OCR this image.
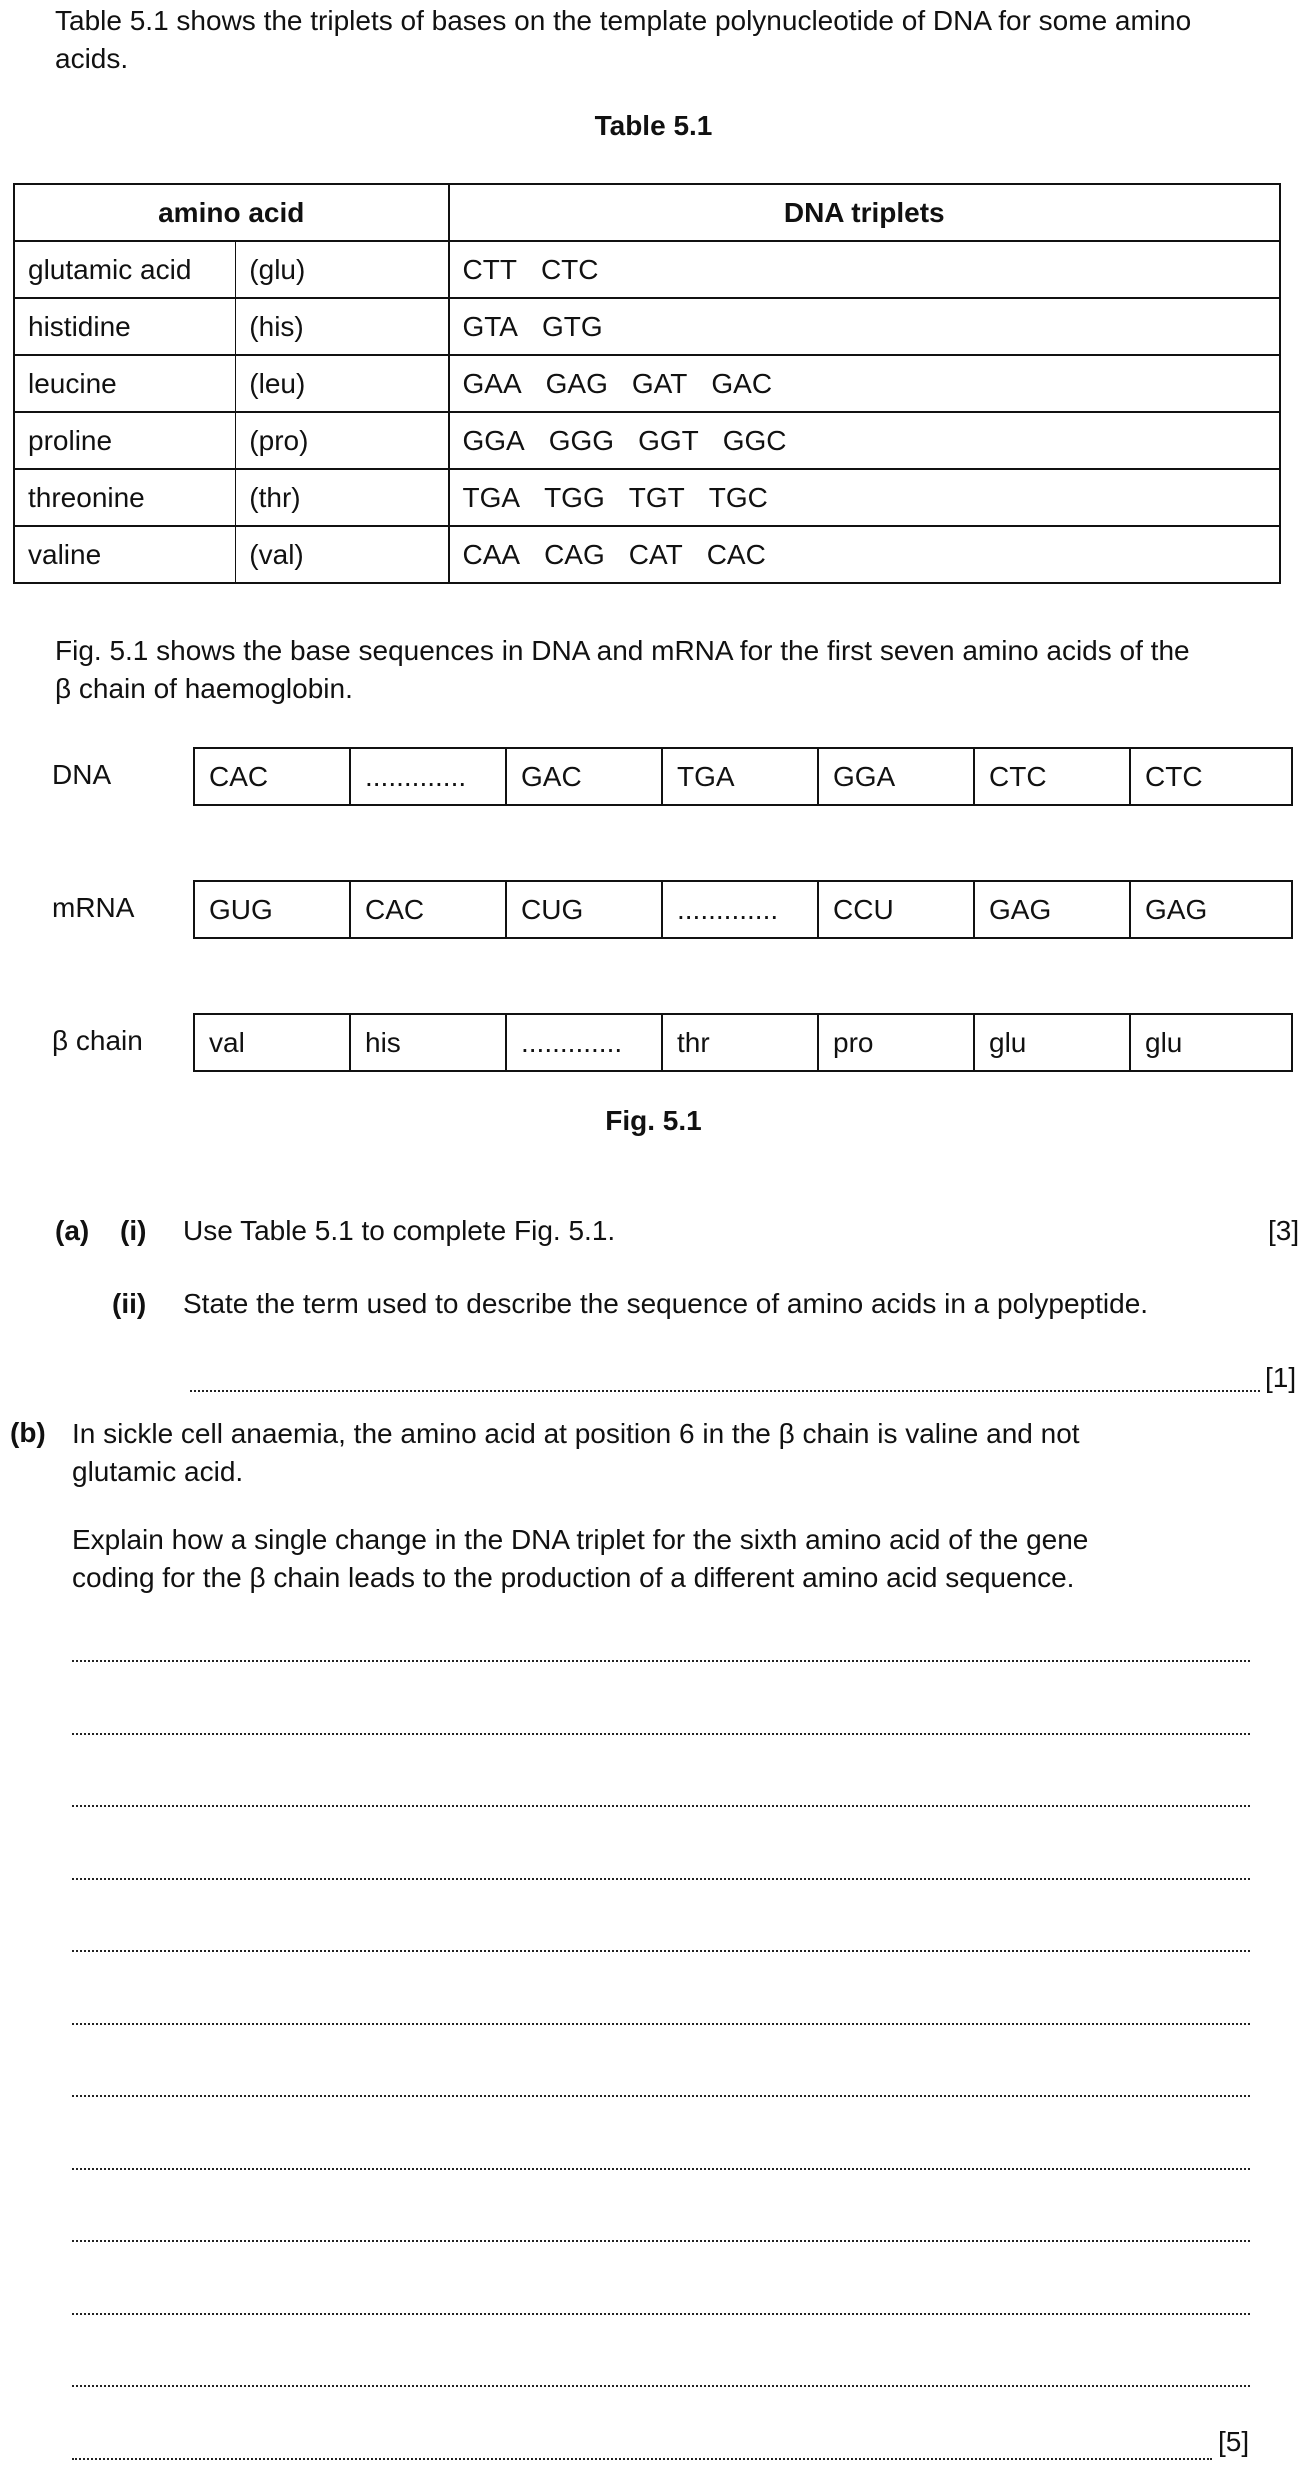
Table 5.1 shows the triplets of bases on the template polynucleotide of DNA for some amino
acids.
Table 5.1
amino acid		DNA triplets
glutamic acid	(glu)	CTT CTC
histidine	(his)	GTA GTG
leucine	(leu)	GAA GAG GAT GAC
proline	(pro)	GGA GGG GGT GGC
threonine	(thr)	TGA TGG TGT TGC
valine	(val)	CAA CAG CAT CAC
Fig. 5.1 shows the base sequences in DNA and mRNA for the first seven amino acids of the
β chain of haemoglobin.
DNA	CAC	.............	GAC	TGA	GGA	CTC	CTC
mRNA	GUG	CAC	CUG	.............	CCU	GAG	GAG
β chain	val	his	.............	thr	pro	glu	glu
Fig. 5.1
(a) (i) Use Table 5.1 to complete Fig. 5.1.	[3]
(ii) State the term used to describe the sequence of amino acids in a polypeptide.
[1]
(b) In sickle cell anaemia, the amino acid at position 6 in the β chain is valine and not
glutamic acid.
Explain how a single change in the DNA triplet for the sixth amino acid of the gene
coding for the β chain leads to the production of a different amino acid sequence.
[5]
